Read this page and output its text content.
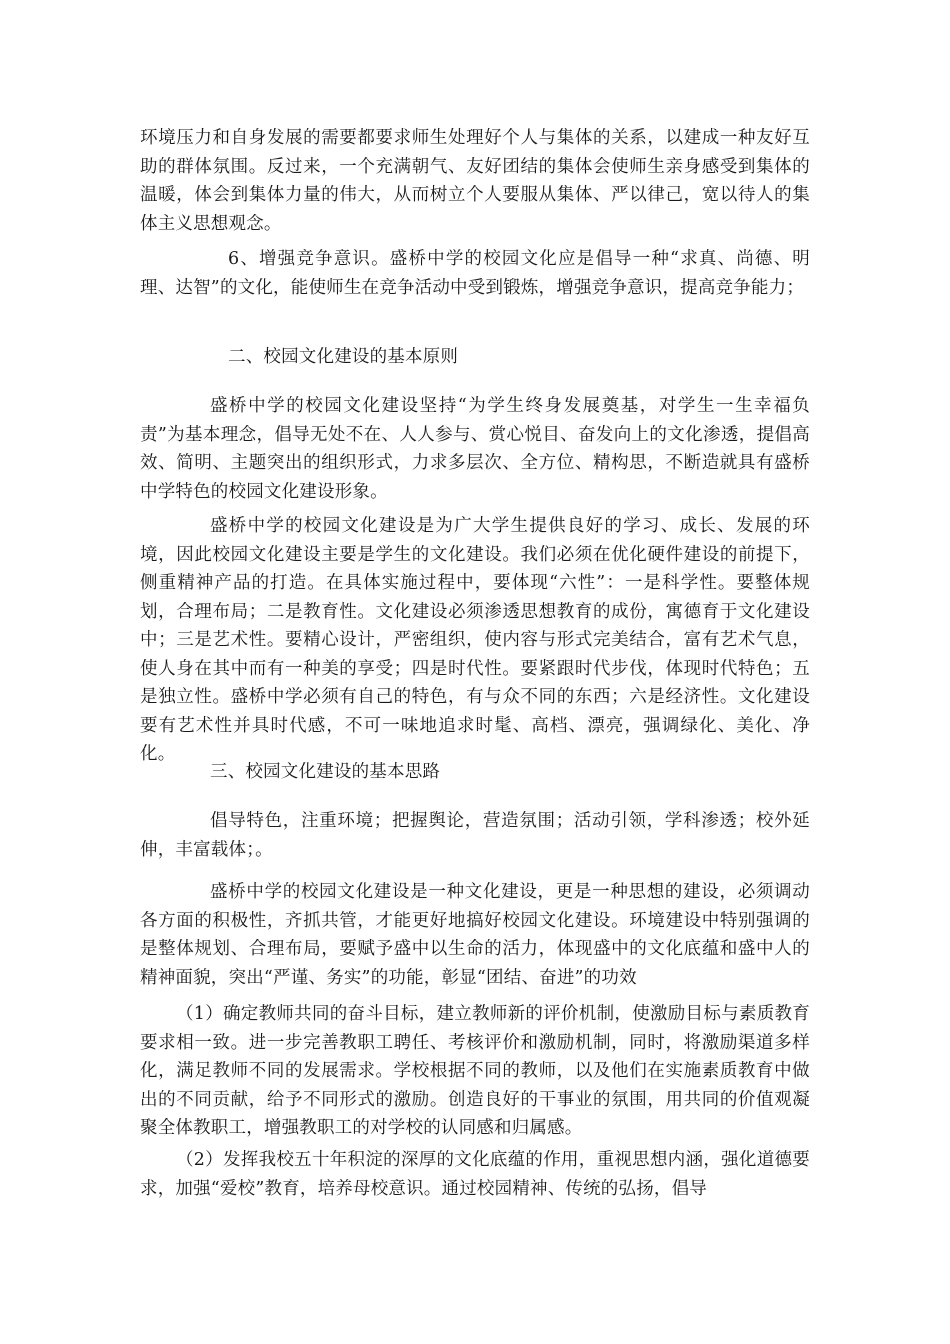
环境压力和自身发展的需要都要求师生处理好个人与集体的关系，以建成一种友好互助的群体氛围。反过来，一个充满朝气、友好团结的集体会使师生亲身感受到集体的温暖，体会到集体力量的伟大，从而树立个人要服从集体、严以律己，宽以待人的集体主义思想观念。

6、增强竞争意识。盛桥中学的校园文化应是倡导一种“求真、尚德、明理、达智”的文化，能使师生在竞争活动中受到锻炼，增强竞争意识，提高竞争能力；

二、校园文化建设的基本原则

盛桥中学的校园文化建设坚持“为学生终身发展奠基，对学生一生幸福负责”为基本理念，倡导无处不在、人人参与、赏心悦目、奋发向上的文化渗透，提倡高效、简明、主题突出的组织形式，力求多层次、全方位、精构思，不断造就具有盛桥中学特色的校园文化建设形象。

盛桥中学的校园文化建设是为广大学生提供良好的学习、成长、发展的环境，因此校园文化建设主要是学生的文化建设。我们必须在优化硬件建设的前提下，侧重精神产品的打造。在具体实施过程中，要体现“六性”：一是科学性。要整体规划，合理布局；二是教育性。文化建设必须渗透思想教育的成份，寓德育于文化建设中；三是艺术性。要精心设计，严密组织，使内容与形式完美结合，富有艺术气息，使人身在其中而有一种美的享受；四是时代性。要紧跟时代步伐，体现时代特色；五是独立性。盛桥中学必须有自己的特色，有与众不同的东西；六是经济性。文化建设要有艺术性并具时代感，不可一味地追求时髦、高档、漂亮，强调绿化、美化、净化。

三、校园文化建设的基本思路

倡导特色，注重环境；把握舆论，营造氛围；活动引领，学科渗透；校外延伸，丰富载体；。

盛桥中学的校园文化建设是一种文化建设，更是一种思想的建设，必须调动各方面的积极性，齐抓共管，才能更好地搞好校园文化建设。环境建设中特别强调的是整体规划、合理布局，要赋予盛中以生命的活力，体现盛中的文化底蕴和盛中人的精神面貌，突出“严谨、务实”的功能，彰显“团结、奋进”的功效

（1）确定教师共同的奋斗目标，建立教师新的评价机制，使激励目标与素质教育要求相一致。进一步完善教职工聘任、考核评价和激励机制，同时，将激励渠道多样化，满足教师不同的发展需求。学校根据不同的教师，以及他们在实施素质教育中做出的不同贡献，给予不同形式的激励。创造良好的干事业的氛围，用共同的价值观凝聚全体教职工，增强教职工的对学校的认同感和归属感。

（2）发挥我校五十年积淀的深厚的文化底蕴的作用，重视思想内涵，强化道德要求，加强“爱校”教育，培养母校意识。通过校园精神、传统的弘扬，倡导
